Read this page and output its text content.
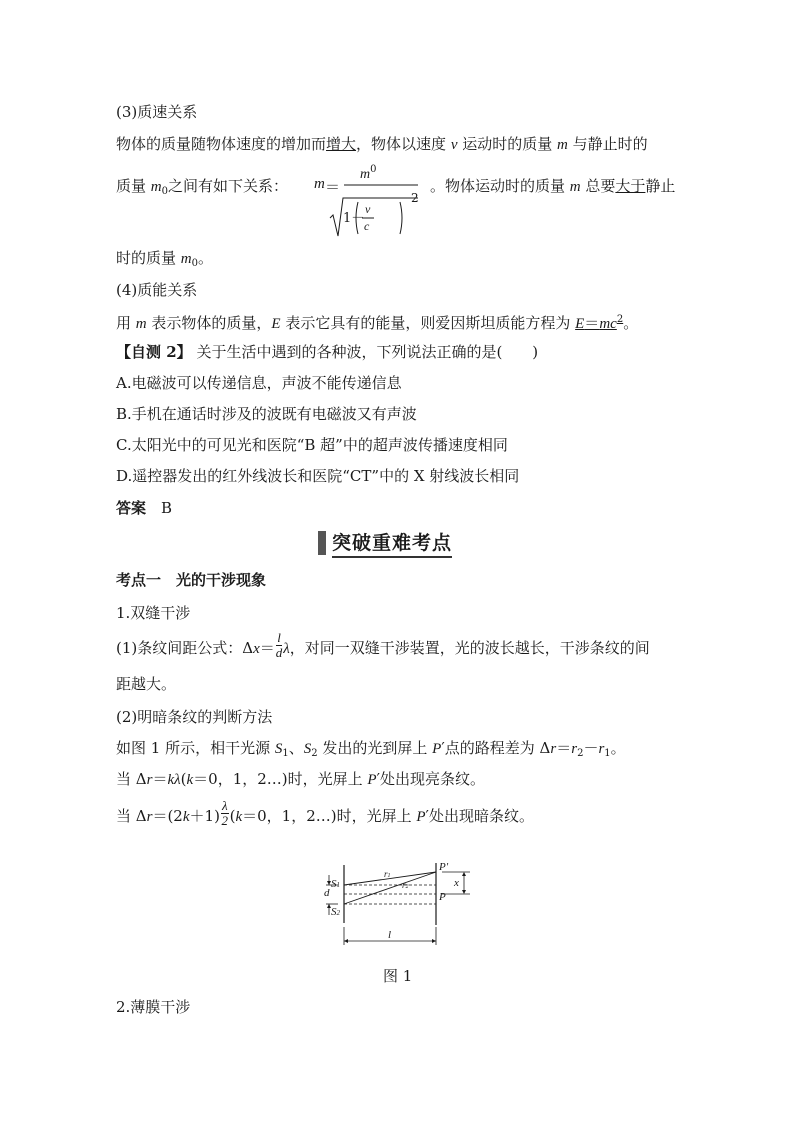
(3)质速关系
物体的质量随物体速度的增加而增大，物体以速度 v 运动时的质量 m 与静止时的
质量 $m_0$之间有如下关系： m ＝
$m^0$
1－
v
c
2
。物体运动时的质量 m 总要大于静止
时的质量 $m_0$。
(4)质能关系
用 m 表示物体的质量，E 表示它具有的能量，则爱因斯坦质能方程为 $E=mc^2$。
【自测 2】 关于生活中遇到的各种波，下列说法正确的是(　　)
A.电磁波可以传递信息，声波不能传递信息
B.手机在通话时涉及的波既有电磁波又有声波
C.太阳光中的可见光和医院“B 超”中的超声波传播速度相同
D.遥控器发出的红外线波长和医院“CT”中的 X 射线波长相同
答案　 B
突破重难考点
考点一　 光的干涉现象
1.双缝干涉
(1)条纹间距公式：$\Delta x= \frac{l}{d}$ λ，对同一双缝干涉装置，光的波长越长，干涉条纹的间
距越大。
(2)明暗条纹的判断方法
如图 1 所示，相干光源 $S_1$、$S_2$ 发出的光到屏上 P′点的路程差为 $\Delta r=r_2-r_1$。
当 Δr＝kλ(k＝0，1，2…)时，光屏上 P′处出现亮条纹。
当 $\Delta r=(2k+1) \frac{\lambda}{2} (k=0$，1，2…)时，光屏上 P′处出现暗条纹。
S1
S2
d
r1
r2
P′
P
x
l
图 1
2.薄膜干涉
